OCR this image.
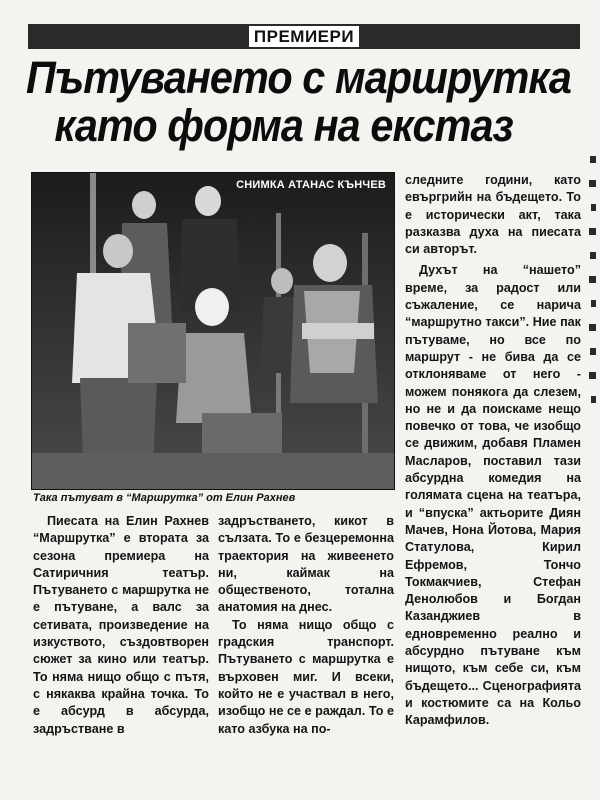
ПРЕМИЕРИ
Пътуването с маршрутка
като форма на екстаз
СНИМКА АТАНАС КЪНЧЕВ
Така пътуват в “Маршрутка” от Елин Рахнев

Пиесата на Елин Рахнев “Маршрутка” е втората за сезона премиера на Сатиричния театър. Пътуването с маршрутка не е пътуване, а валс за сетивата, произведение на изкуството, създовтворен сюжет за кино или театър. То няма нищо общо с пътя, с някаква крайна точка. То е абсурд в абсурда, задръстване в

задръстването, кикот в сълзата. То е безцеремонна траектория на живеенето ни, каймак на общественото, тотална анатомия на днес.

То няма нищо общо с градския транспорт. Пътуването с маршрутка е върховен миг. И всеки, който не е участвал в него, изобщо не се е раждал. То е като азбука на по-

следните години, като евъргрийн на бъдещето. То е исторически акт, така разказва духа на пиесата си авторът.

Духът на “нашето” време, за радост или съжаление, се нарича “маршрутно такси”. Ние пак пътуваме, но все по маршрут - не бива да се отклоняваме от него - можем понякога да слезем, но не и да поискаме нещо повечко от това, че изобщо се движим, добавя Пламен Масларов, поставил тази абсурдна комедия на голямата сцена на театъра, и “впуска” актьорите Диян Мачев, Нона Йотова, Мария Статулова, Кирил Ефремов, Тончо Токмакчиев, Стефан Денолюбов и Богдан Казанджиев в едновременно реално и абсурдно пътуване към нищото, към себе си, към бъдещето... Сценографията и костюмите са на Кольо Карамфилов.
